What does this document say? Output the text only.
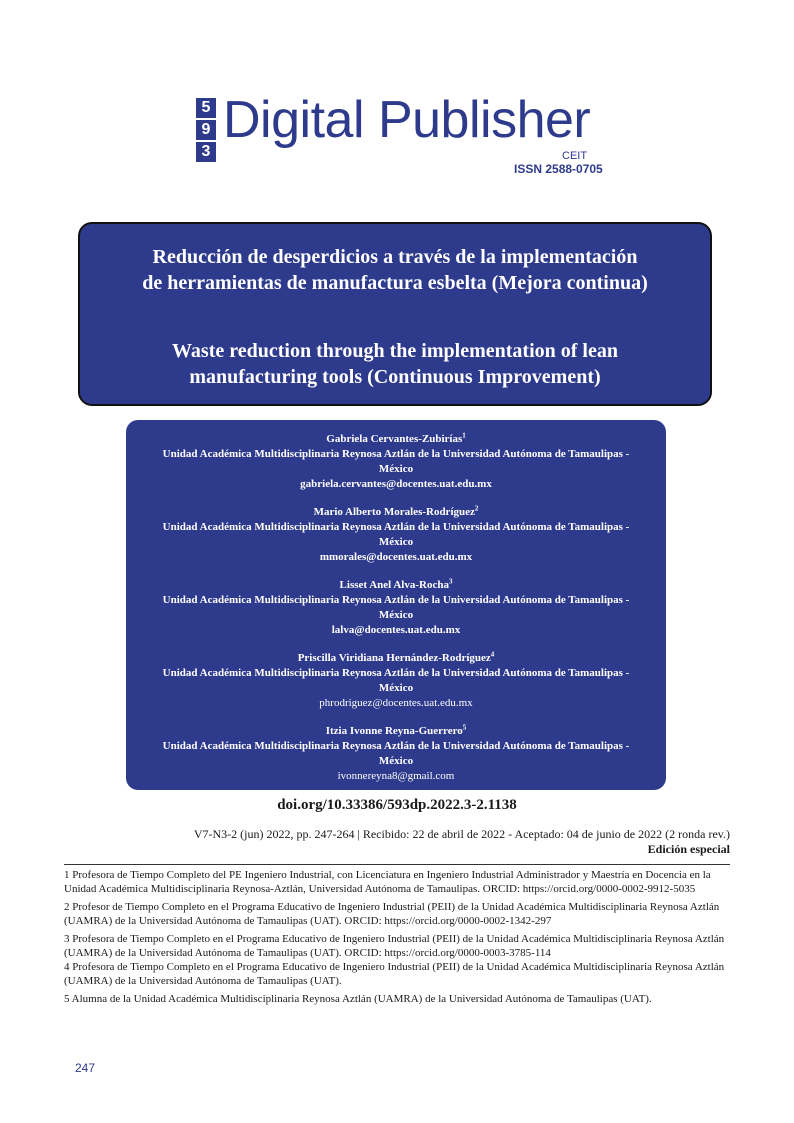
5
9
3
Digital Publisher
CEIT
ISSN 2588-0705
Reducción de desperdicios a través de la implementación
de herramientas de manufactura esbelta (Mejora continua)
Waste reduction through the implementation of lean
manufacturing tools (Continuous Improvement)
Gabriela Cervantes-Zubirías$^1$
Unidad Académica Multidisciplinaria Reynosa Aztlán de la Universidad Autónoma de Tamaulipas -
México
gabriela.cervantes@docentes.uat.edu.mx
Mario Alberto Morales-Rodríguez$^2$
Unidad Académica Multidisciplinaria Reynosa Aztlán de la Universidad Autónoma de Tamaulipas -
México
mmorales@docentes.uat.edu.mx
Lisset Anel Alva-Rocha$^3$
Unidad Académica Multidisciplinaria Reynosa Aztlán de la Universidad Autónoma de Tamaulipas -
México
lalva@docentes.uat.edu.mx
Priscilla Viridiana Hernández-Rodríguez$^4$
Unidad Académica Multidisciplinaria Reynosa Aztlán de la Universidad Autónoma de Tamaulipas -
México
phrodriguez@docentes.uat.edu.mx
Itzia Ivonne Reyna-Guerrero$^5$
Unidad Académica Multidisciplinaria Reynosa Aztlán de la Universidad Autónoma de Tamaulipas -
México
ivonnereyna8@gmail.com
doi.org/10.33386/593dp.2022.3-2.1138
V7-N3-2 (jun) 2022, pp. 247-264 | Recibido: 22 de abril de 2022 - Aceptado: 04 de junio de 2022 (2 ronda rev.)
Edición especial
1 Profesora de Tiempo Completo del PE Ingeniero Industrial, con Licenciatura en Ingeniero Industrial Administrador y Maestría en Docencia en la Unidad Académica Multidisciplinaria Reynosa-Aztlán, Universidad Autónoma de Tamaulipas. ORCID: https://orcid.org/0000-0002-9912-5035
2 Profesor de Tiempo Completo en el Programa Educativo de Ingeniero Industrial (PEII) de la Unidad Académica Multidisciplinaria Reynosa Aztlán (UAMRA) de la Universidad Autónoma de Tamaulipas (UAT). ORCID: https://orcid.org/0000-0002-1342-297
3 Profesora de Tiempo Completo en el Programa Educativo de Ingeniero Industrial (PEII) de la Unidad Académica Multidisciplinaria Reynosa Aztlán (UAMRA) de la Universidad Autónoma de Tamaulipas (UAT). ORCID: https://orcid.org/0000-0003-3785-114
4 Profesora de Tiempo Completo en el Programa Educativo de Ingeniero Industrial (PEII) de la Unidad Académica Multidisciplinaria Reynosa Aztlán (UAMRA) de la Universidad Autónoma de Tamaulipas (UAT).
5 Alumna de la Unidad Académica Multidisciplinaria Reynosa Aztlán (UAMRA) de la Universidad Autónoma de Tamaulipas (UAT).
247
